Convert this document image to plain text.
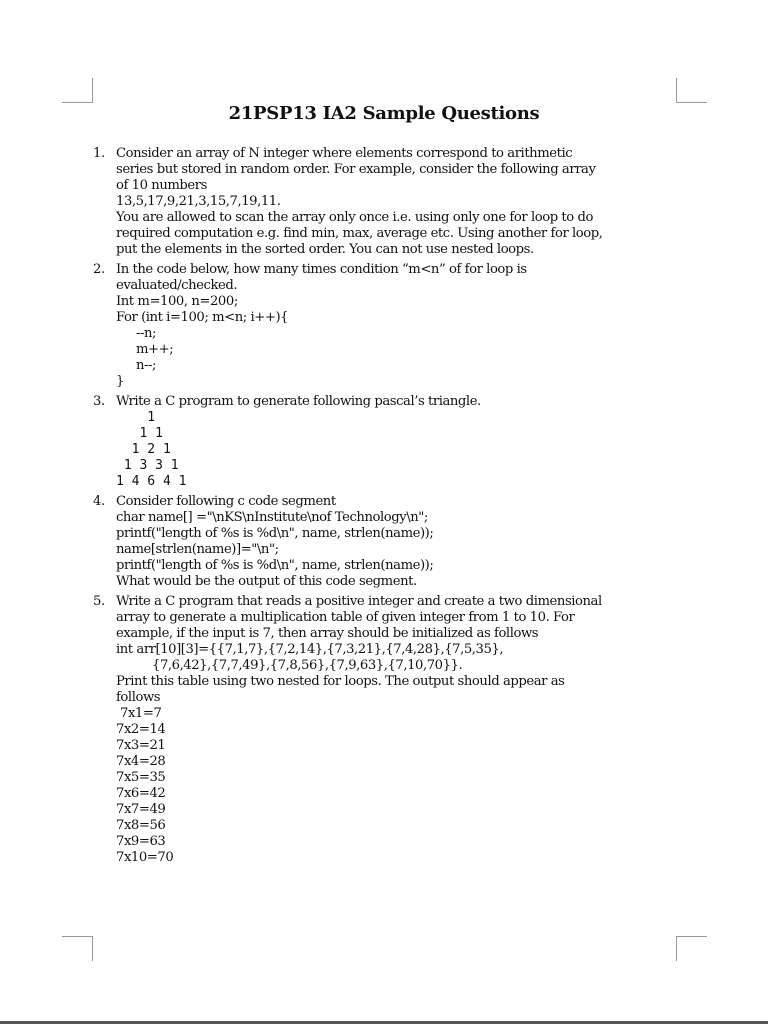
21PSP13 IA2 Sample Questions
1. Consider an array of N integer where elements correspond to arithmetic
series but stored in random order. For example, consider the following array
of 10 numbers
13,5,17,9,21,3,15,7,19,11.
You are allowed to scan the array only once i.e. using only one for loop to do
required computation e.g. find min, max, average etc. Using another for loop,
put the elements in the sorted order. You can not use nested loops.
2. In the code below, how many times condition “m<n” of for loop is
evaluated/checked.
Int m=100, n=200;
For (int i=100; m<n; i++){
--n;
m++;
n--;
}
3. Write a C program to generate following pascal’s triangle.
1
1 1
1 2 1
1 3 3 1
1 4 6 4 1
4. Consider following c code segment
char name[] ="\nKS\nInstitute\nof Technology\n";
printf("length of %s is %d\n", name, strlen(name));
name[strlen(name)]="\n";
printf("length of %s is %d\n", name, strlen(name));
What would be the output of this code segment.
5. Write a C program that reads a positive integer and create a two dimensional
array to generate a multiplication table of given integer from 1 to 10. For
example, if the input is 7, then array should be initialized as follows
int arr[10][3]={{7,1,7},{7,2,14},{7,3,21},{7,4,28},{7,5,35},
{7,6,42},{7,7,49},{7,8,56},{7,9,63},{7,10,70}}.
Print this table using two nested for loops. The output should appear as
follows
7x1=7
7x2=14
7x3=21
7x4=28
7x5=35
7x6=42
7x7=49
7x8=56
7x9=63
7x10=70
